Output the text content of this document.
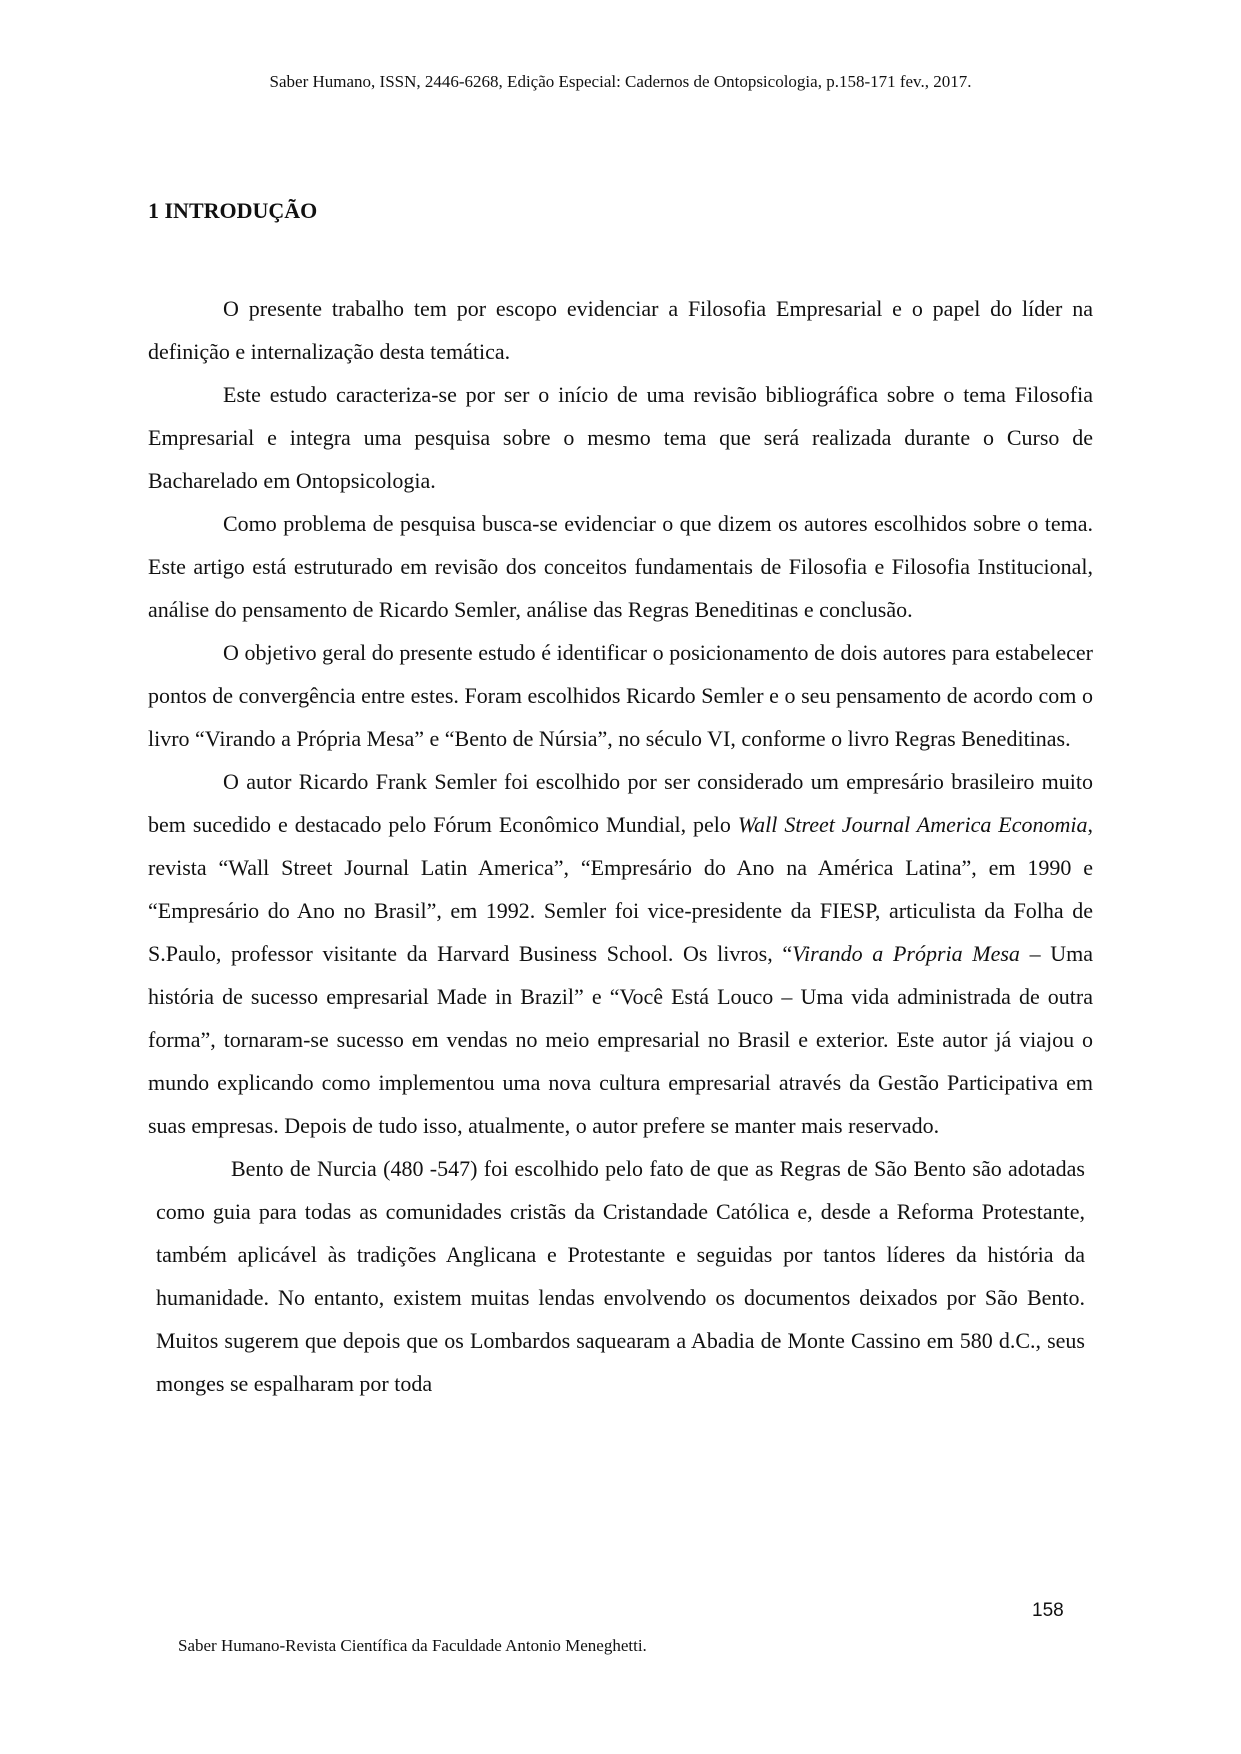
Saber Humano, ISSN, 2446-6268, Edição Especial: Cadernos de Ontopsicologia, p.158-171 fev., 2017.

1 INTRODUÇÃO

O presente trabalho tem por escopo evidenciar a Filosofia Empresarial e o papel do líder na definição e internalização desta temática.

Este estudo caracteriza-se por ser o início de uma revisão bibliográfica sobre o tema Filosofia Empresarial e integra uma pesquisa sobre o mesmo tema que será realizada durante o Curso de Bacharelado em Ontopsicologia.

Como problema de pesquisa busca-se evidenciar o que dizem os autores escolhidos sobre o tema. Este artigo está estruturado em revisão dos conceitos fundamentais de Filosofia e Filosofia Institucional, análise do pensamento de Ricardo Semler, análise das Regras Beneditinas e conclusão.

O objetivo geral do presente estudo é identificar o posicionamento de dois autores para estabelecer pontos de convergência entre estes. Foram escolhidos Ricardo Semler e o seu pensamento de acordo com o livro “Virando a Própria Mesa” e “Bento de Núrsia”, no século VI, conforme o livro Regras Beneditinas.

O autor Ricardo Frank Semler foi escolhido por ser considerado um empresário brasileiro muito bem sucedido e destacado pelo Fórum Econômico Mundial, pelo Wall Street Journal America Economia, revista “Wall Street Journal Latin America”, “Empresário do Ano na América Latina”, em 1990 e “Empresário do Ano no Brasil”, em 1992. Semler foi vice-presidente da FIESP, articulista da Folha de S.Paulo, professor visitante da Harvard Business School. Os livros, “Virando a Própria Mesa – Uma história de sucesso empresarial Made in Brazil” e “Você Está Louco – Uma vida administrada de outra forma”, tornaram-se sucesso em vendas no meio empresarial no Brasil e exterior. Este autor já viajou o mundo explicando como implementou uma nova cultura empresarial através da Gestão Participativa em suas empresas. Depois de tudo isso, atualmente, o autor prefere se manter mais reservado.

Bento de Nurcia (480 -547) foi escolhido pelo fato de que as Regras de São Bento são adotadas como guia para todas as comunidades cristãs da Cristandade Católica e, desde a Reforma Protestante, também aplicável às tradições Anglicana e Protestante e seguidas por tantos líderes da história da humanidade. No entanto, existem muitas lendas envolvendo os documentos deixados por São Bento. Muitos sugerem que depois que os Lombardos saquearam a Abadia de Monte Cassino em 580 d.C., seus monges se espalharam por toda

158

Saber Humano-Revista Científica da Faculdade Antonio Meneghetti.
